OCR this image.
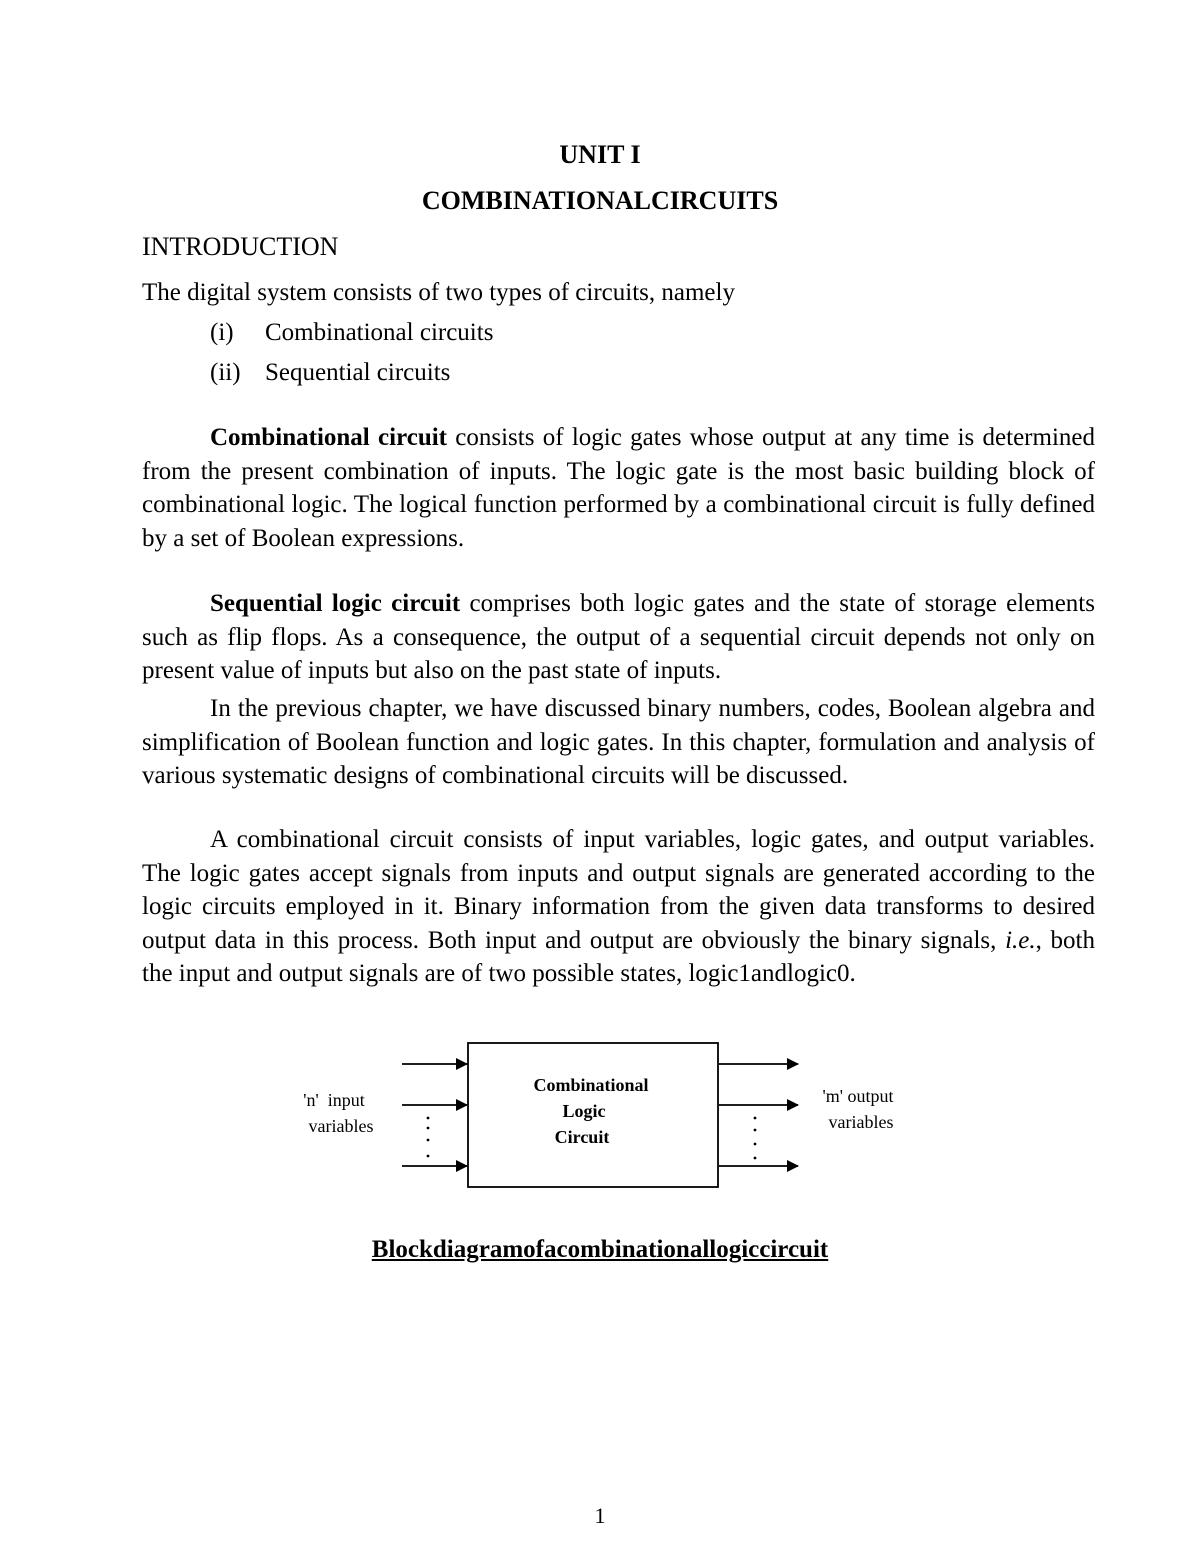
UNIT I
COMBINATIONALCIRCUITS
INTRODUCTION
The digital system consists of two types of circuits, namely
(i) Combinational circuits
(ii) Sequential circuits

Combinational circuit consists of logic gates whose output at any time is determined from the present combination of inputs. The logic gate is the most basic building block of combinational logic. The logical function performed by a combinational circuit is fully defined by a set of Boolean expressions.

Sequential logic circuit comprises both logic gates and the state of storage elements such as flip flops. As a consequence, the output of a sequential circuit depends not only on present value of inputs but also on the past state of inputs.

In the previous chapter, we have discussed binary numbers, codes, Boolean algebra and simplification of Boolean function and logic gates. In this chapter, formulation and analysis of various systematic designs of combinational circuits will be discussed.

A combinational circuit consists of input variables, logic gates, and output variables. The logic gates accept signals from inputs and output signals are generated according to the logic circuits employed in it. Binary information from the given data transforms to desired output data in this process. Both input and output are obviously the binary signals, i.e., both the input and output signals are of two possible states, logic1andlogic0.

Combinational
Logic
Circuit
'n'  input
variables
'm' output
variables
Blockdiagramofacombinationallogiccircuit
1
